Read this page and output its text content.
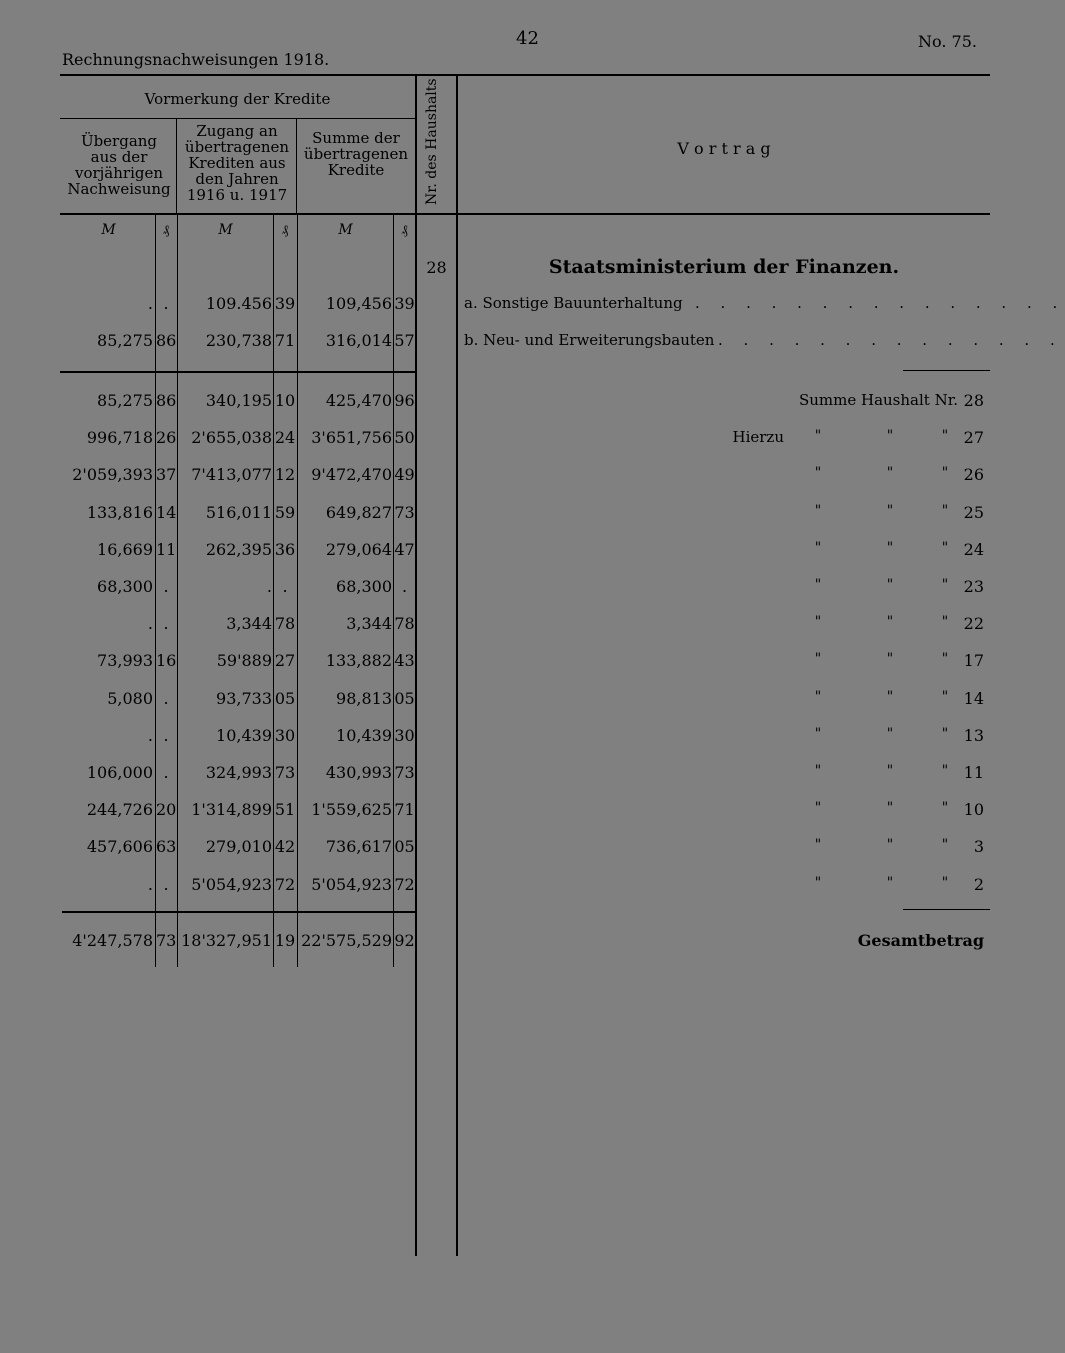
Rechnungsnachweisungen 1918.
42	No. 75.
Vormerkung der Kredite
Übergang aus der vorjährigen Nachweisung
Zugang an übertragenen Krediten aus den Jahren 1916 u. 1917
Summe der übertragenen Kredite	Nr. des Haushalts	V o r t r a g
M	₰	M	₰	M	₰
28	Staatsministerium der Finanzen.
. .	109.456 39	109,456 39	a. Sonstige Bauunterhaltung . . . . . . . . . . . . . . .
85,275 86	230,738 71	316,014 57	b. Neu- und Erweiterungsbauten . . . . . . . . . . . . . .
85,275 86	340,195 10	425,470 96	Summe Haushalt Nr. 28
996,718 26 2'655,038 24	3'651,756 50	Hierzu	"	"	" 27
2'059,393 37 7'413,077 12	9'472,470 49	"	"	" 26
133,816 14	516,011 59	649,827 73	"	"	" 25
16,669 11	262,395 36	279,064 47	"	"	" 24
68,300 .	. .	68,300 .	"	"	" 23
. .	3,344 78	3,344 78	"	"	" 22
73,993 16	59'889 27	133,882 43	"	"	" 17
5,080 .	93,733 05	98,813 05	"	"	" 14
. .	10,439 30	10,439 30	"	"	" 13
106,000 .	324,993 73	430,993 73	"	"	" 11
244,726 20 1'314,899 51	1'559,625 71	"	"	" 10
457,606 63	279,010 42	736,617 05	"	"	"	3
. .	5'054,923 72	5'054,923 72	"	"	"	2
4'247,578 73 18'327,951 19 22'575,529 92	Gesamtbetrag
